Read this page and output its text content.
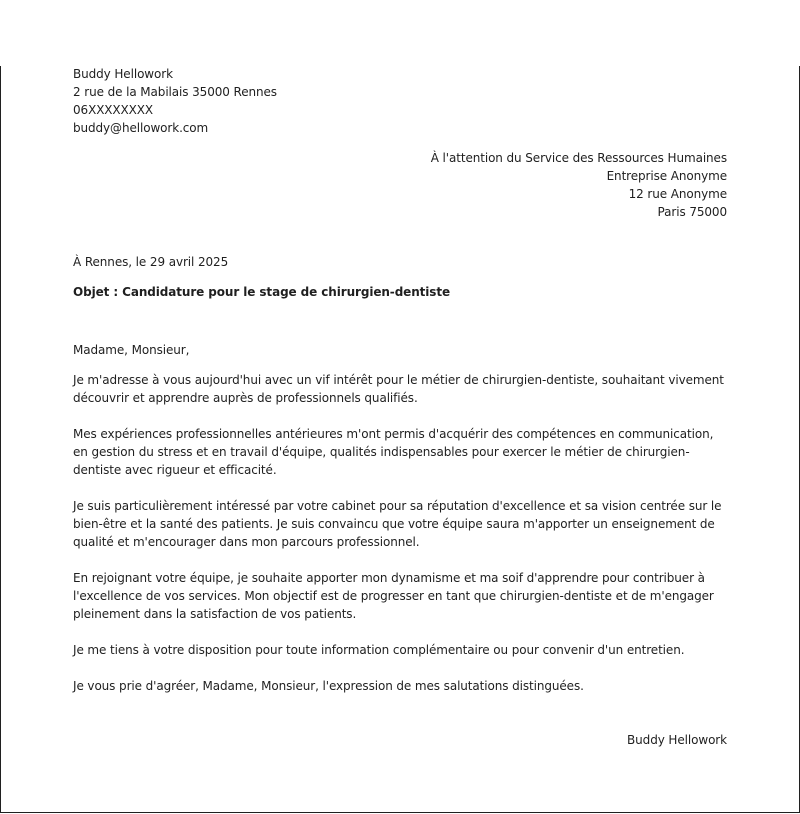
Buddy Hellowork
2 rue de la Mabilais 35000 Rennes
06XXXXXXXX
buddy@hellowork.com
À l'attention du Service des Ressources Humaines
Entreprise Anonyme
12 rue Anonyme
Paris 75000
À Rennes, le 29 avril 2025
Objet : Candidature pour le stage de chirurgien-dentiste
Madame, Monsieur,
Je m'adresse à vous aujourd'hui avec un vif intérêt pour le métier de chirurgien-dentiste, souhaitant vivement découvrir et apprendre auprès de professionnels qualifiés.
Mes expériences professionnelles antérieures m'ont permis d'acquérir des compétences en communication, en gestion du stress et en travail d'équipe, qualités indispensables pour exercer le métier de chirurgien-dentiste avec rigueur et efficacité.
Je suis particulièrement intéressé par votre cabinet pour sa réputation d'excellence et sa vision centrée sur le bien-être et la santé des patients. Je suis convaincu que votre équipe saura m'apporter un enseignement de qualité et m'encourager dans mon parcours professionnel.
En rejoignant votre équipe, je souhaite apporter mon dynamisme et ma soif d'apprendre pour contribuer à l'excellence de vos services. Mon objectif est de progresser en tant que chirurgien-dentiste et de m'engager pleinement dans la satisfaction de vos patients.
Je me tiens à votre disposition pour toute information complémentaire ou pour convenir d'un entretien.
Je vous prie d'agréer, Madame, Monsieur, l'expression de mes salutations distinguées.
Buddy Hellowork
